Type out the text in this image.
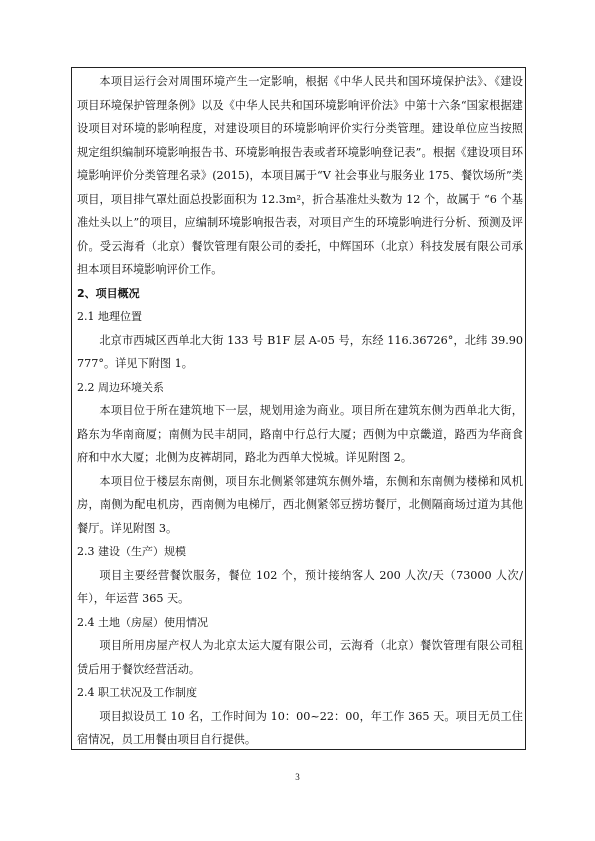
本项目运行会对周围环境产生一定影响，根据《中华人民共和国环境保护法》、《建设项目环境保护管理条例》以及《中华人民共和国环境影响评价法》中第十六条“国家根据建设项目对环境的影响程度，对建设项目的环境影响评价实行分类管理。建设单位应当按照规定组织编制环境影响报告书、环境影响报告表或者环境影响登记表”。根据《建设项目环境影响评价分类管理名录》(2015)，本项目属于“V 社会事业与服务业 175、餐饮场所”类项目，项目排气罩灶面总投影面积为 12.3m²，折合基准灶头数为 12 个，故属于 “6 个基准灶头以上”的项目，应编制环境影响报告表，对项目产生的环境影响进行分析、预测及评价。受云海肴（北京）餐饮管理有限公司的委托，中辉国环（北京）科技发展有限公司承担本项目环境影响评价工作。

2、项目概况

2.1 地理位置

北京市西城区西单北大街 133 号 B1F 层 A-05 号，东经 116.36726°，北纬 39.90777°。详见下附图 1。

2.2 周边环境关系

本项目位于所在建筑地下一层，规划用途为商业。项目所在建筑东侧为西单北大街，路东为华南商厦；南侧为民丰胡同，路南中行总行大厦；西侧为中京畿道，路西为华商食府和中水大厦；北侧为皮裤胡同，路北为西单大悦城。详见附图 2。

本项目位于楼层东南侧，项目东北侧紧邻建筑东侧外墙，东侧和东南侧为楼梯和风机房，南侧为配电机房，西南侧为电梯厅，西北侧紧邻豆捞坊餐厅，北侧隔商场过道为其他餐厅。详见附图 3。

2.3 建设（生产）规模

项目主要经营餐饮服务，餐位 102 个，预计接纳客人 200 人次/天（73000 人次/年），年运营 365 天。

2.4 土地（房屋）使用情况

项目所用房屋产权人为北京太运大厦有限公司，云海肴（北京）餐饮管理有限公司租赁后用于餐饮经营活动。

2.4 职工状况及工作制度

项目拟设员工 10 名，工作时间为 10：00~22：00，年工作 365 天。项目无员工住宿情况，员工用餐由项目自行提供。

3
